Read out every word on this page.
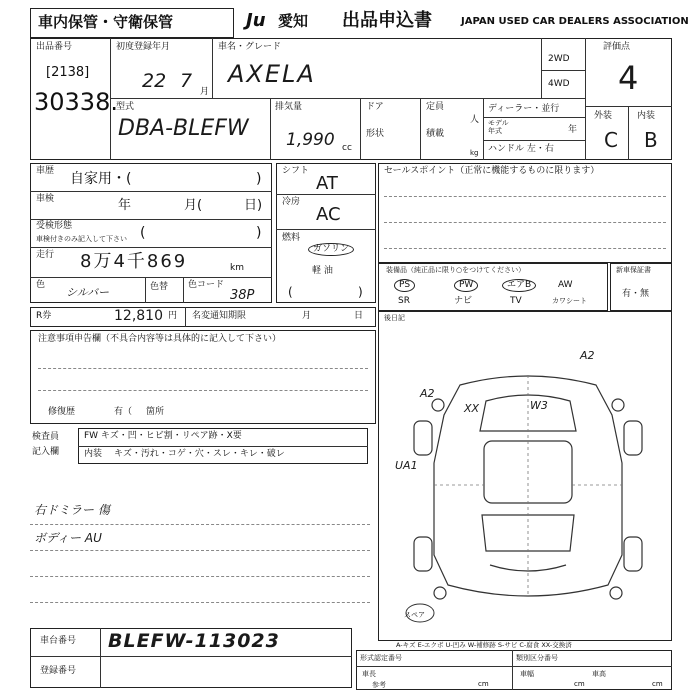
車内保管・守衛保管	Ju 愛知 出品申込書	JAPAN USED CAR DEALERS ASSOCIATION
出品番号
[2138]
30338.
初度登録年月
22 7 月
車名・グレード
AXELA
2WD
4WD
評価点
4
外装	内装
C B
型式
DBA-BLEFW
排気量
1,990 cc
ドア
形状
定員
人
積載
kg
ディーラー・並行
モデル
年式	年
ハンドル 左・右
車歴 自家用・(	)
車検	年	月(	日)
受検形態
車検付きのみ記入して下さい (	)
走行 8万4千869	km
色
シルバー	色替 色コード
38P
シフト
AT
冷房
AC
燃料
ガソリン
軽 油
(	)
セールスポイント（正常に機能するものに限ります）
装備品（純正品に限り○をつけてください）
PS	PW	エアB	AW
SR	ナビ	TV	カワシート
新車保証書
有・無
R券	12,810 円 名変通知期限	月	日
注意事項申告欄（不具合内容等は具体的に記入して下さい）
修復歴	有（ 箇所
検査員
記入欄
FW キズ・凹・ヒビ割・リペア跡・X要
内装 キズ・汚れ・コゲ・穴・スレ・キレ・破レ
右ドミラー 傷
ボディー AU
後日記
A2
A2
XX	W3
UA1
スペア
A-キズ E-エクボ U-凹み W-補修跡 S-サビ C-腐食 XX-交換済
車台番号 BLEFW-113023
登録番号
形式認定番号	類別区分番号
車長	車幅	車高
cm	cm	cm
参考
